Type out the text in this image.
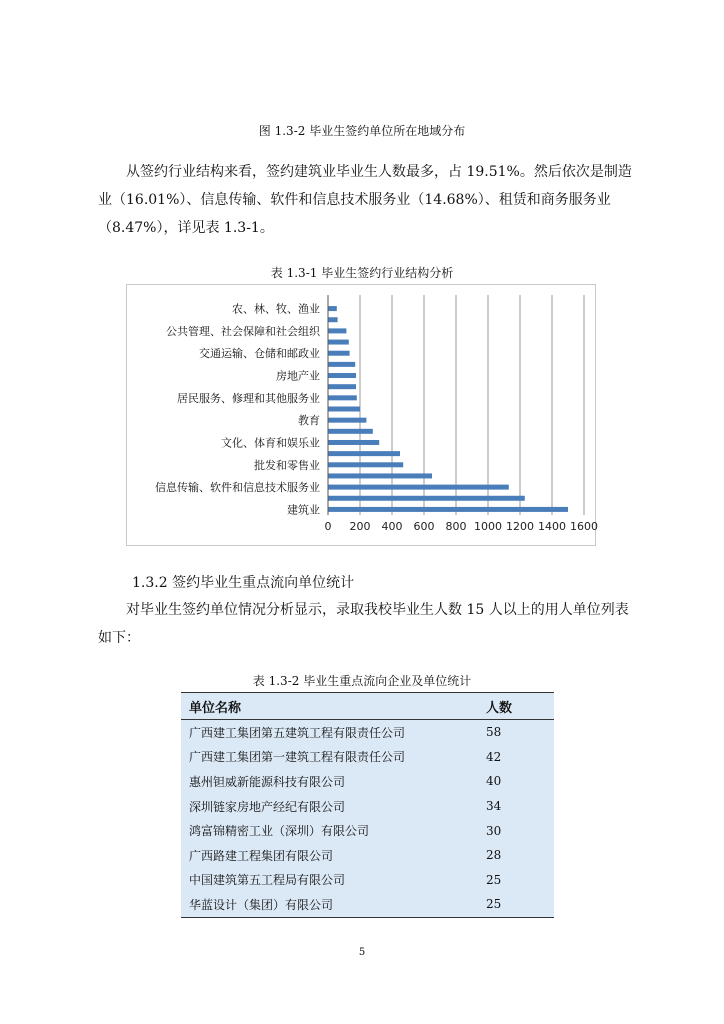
图 1.3-2 毕业生签约单位所在地域分布
从签约行业结构来看，签约建筑业毕业生人数最多，占 19.51%。然后依次是制造业（16.01%）、信息传输、软件和信息技术服务业（14.68%）、租赁和商务服务业（8.47%），详见表 1.3-1。
表 1.3-1 毕业生签约行业结构分析
0 200 400 600 800 1000 1200 1400 1600
建筑业
信息传输、软件和信息技术服务业
批发和零售业
文化、体育和娱乐业
教育
居民服务、修理和其他服务业
房地产业
交通运输、仓储和邮政业
公共管理、社会保障和社会组织
农、林、牧、渔业
1.3.2 签约毕业生重点流向单位统计
对毕业生签约单位情况分析显示，录取我校毕业生人数 15 人以上的用人单位列表如下：
表 1.3-2 毕业生重点流向企业及单位统计
单位名称	人数
广西建工集团第五建筑工程有限责任公司	58
广西建工集团第一建筑工程有限责任公司	42
惠州钽威新能源科技有限公司	40
深圳链家房地产经纪有限公司	34
鸿富锦精密工业（深圳）有限公司	30
广西路建工程集团有限公司	28
中国建筑第五工程局有限公司	25
华蓝设计（集团）有限公司	25
5
